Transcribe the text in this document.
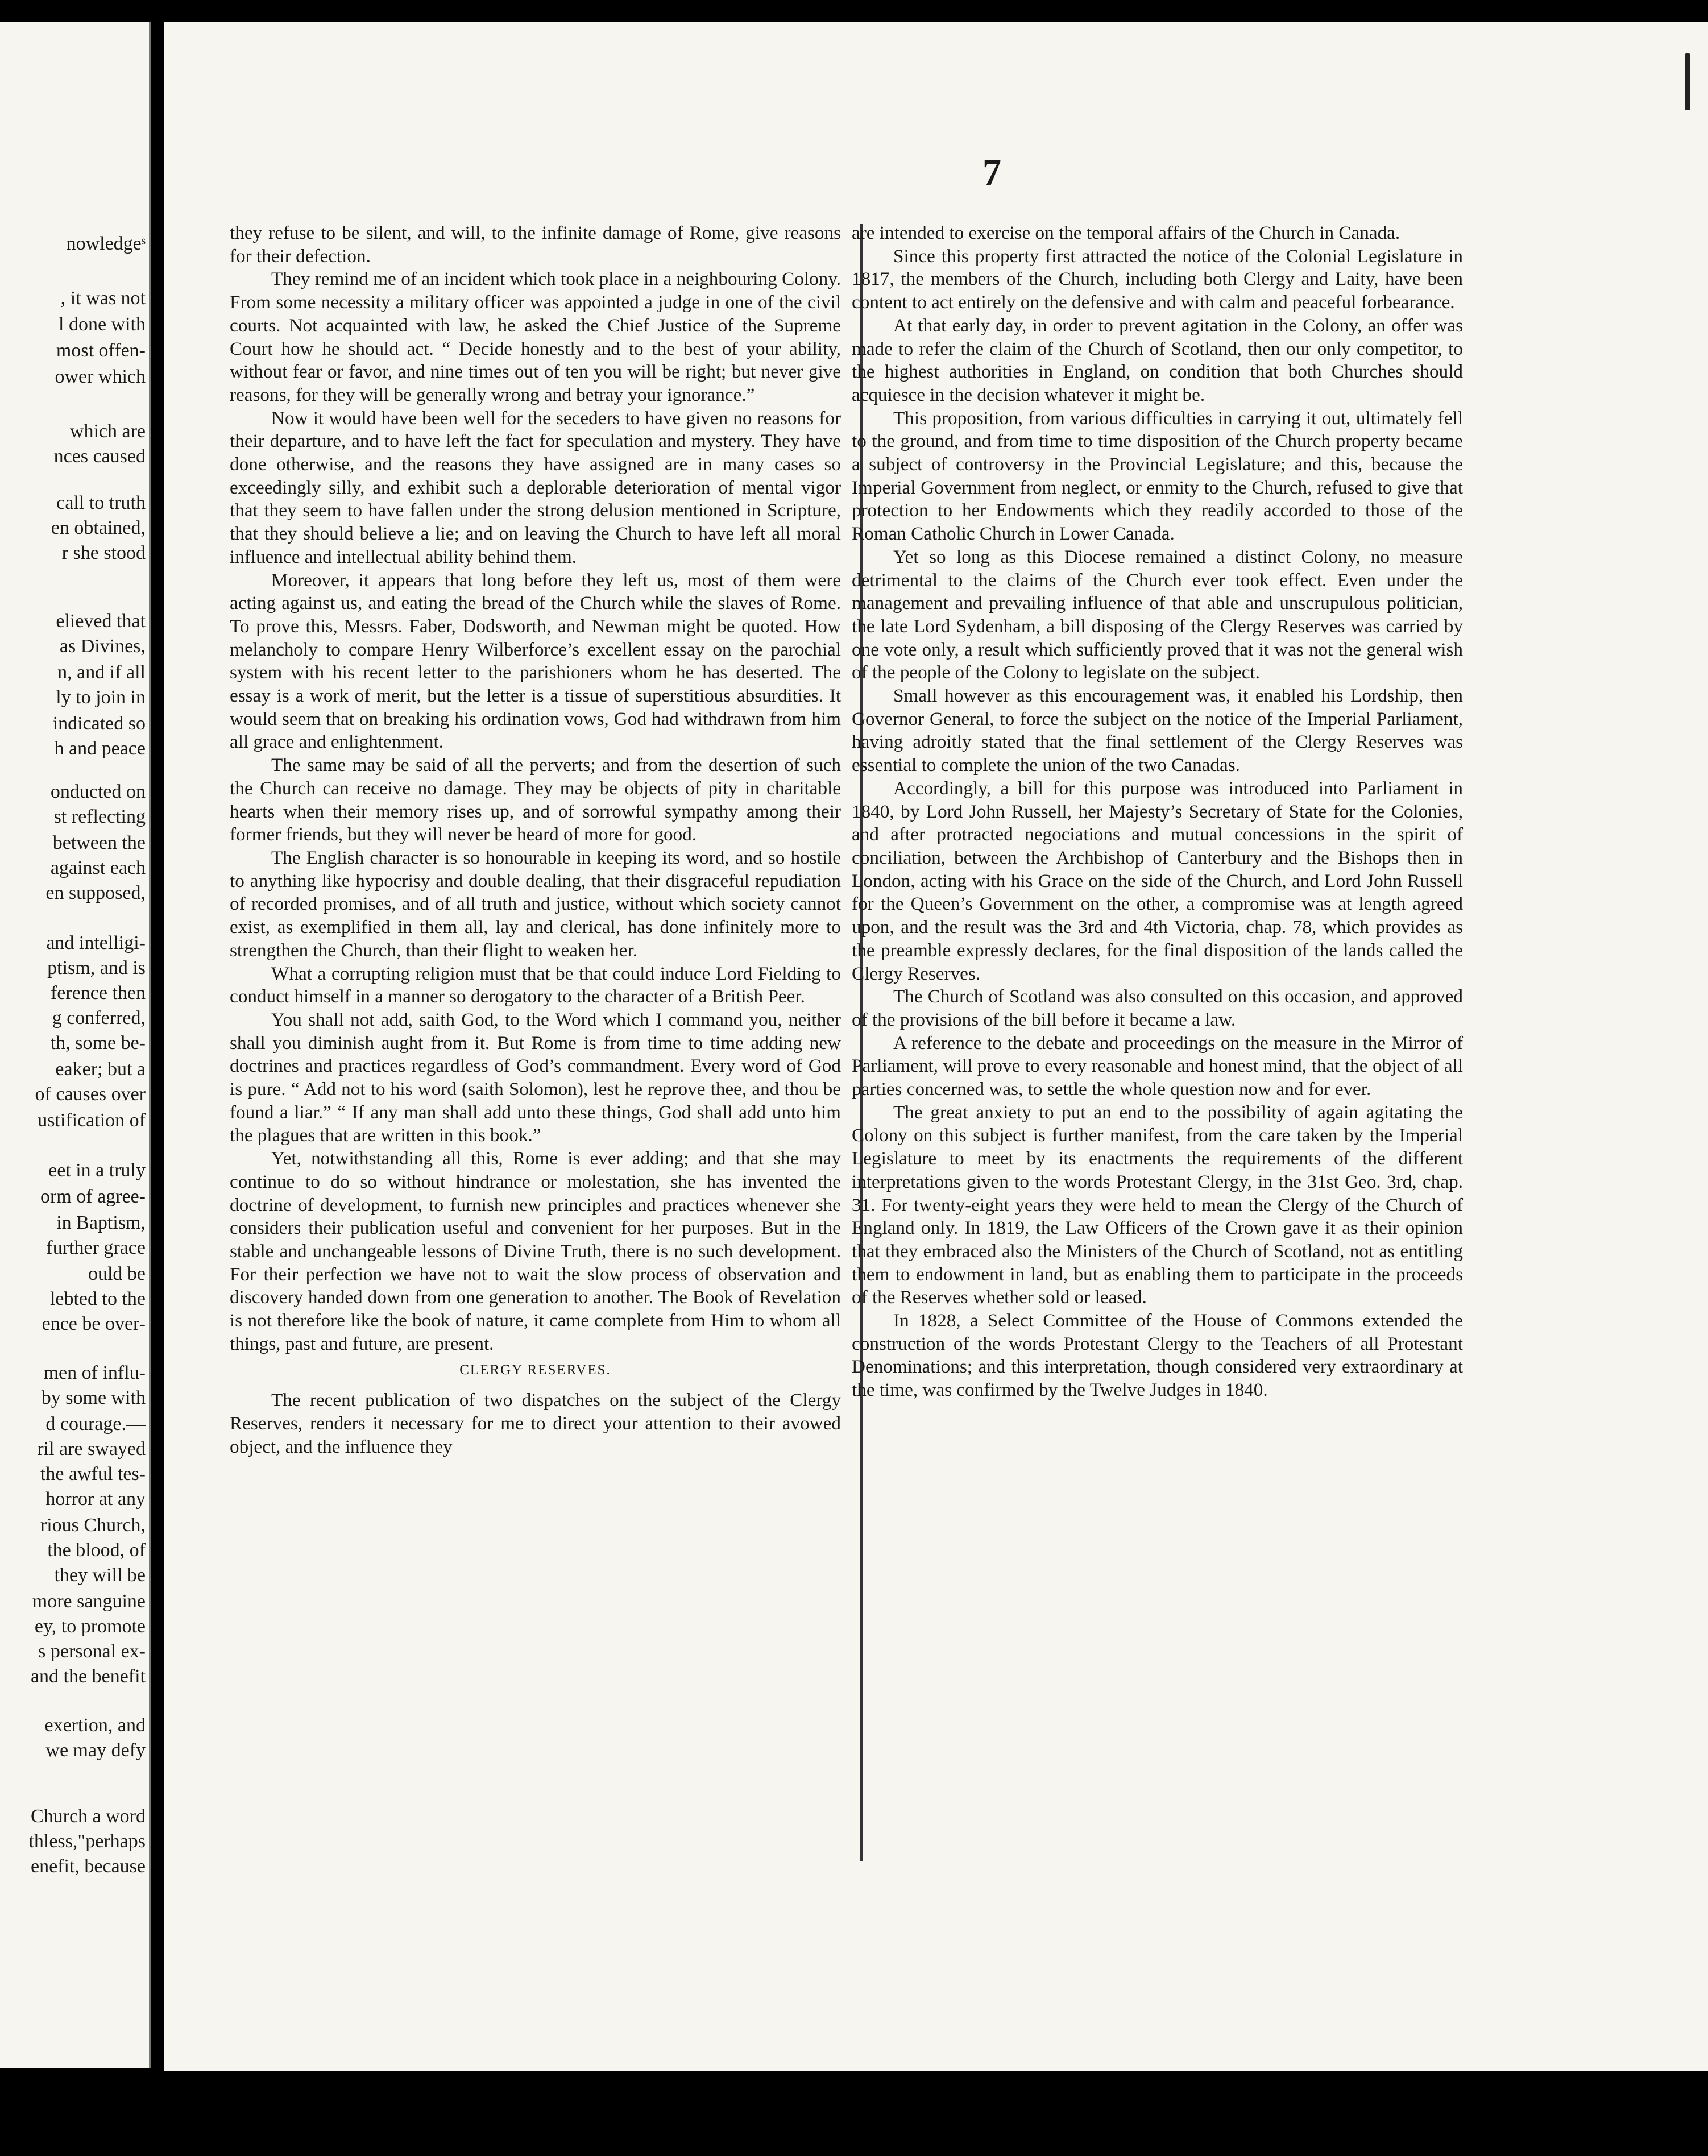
nowledgeˢ
, it was not
l done with
most offen-
ower which
which are
nces caused
call to truth
en obtained,
r she stood
elieved that
as Divines,
n, and if all
ly to join in
indicated so
h and peace
onducted on
st reflecting
between the
against each
en supposed,
and intelligi-
ptism, and is
ference then
g conferred,
th, some be-
eaker; but a
of causes over
ustification of
eet in a truly
orm of agree-
in Baptism,
further grace
ould be
lebted to the
ence be over-
men of influ-
by some with
d courage.—
ril are swayed
the awful tes-
horror at any
rious Church,
the blood, of
they will be
more sanguine
ey, to promote
s personal ex-
and the benefit
exertion, and
we may defy
Church a word
thless,"perhaps
enefit, because
7

they refuse to be silent, and will, to the infinite damage of Rome, give reasons for their defection.

They remind me of an incident which took place in a neighbouring Colony. From some necessity a military officer was appointed a judge in one of the civil courts. Not acquainted with law, he asked the Chief Justice of the Supreme Court how he should act. “ Decide honestly and to the best of your ability, without fear or favor, and nine times out of ten you will be right; but never give reasons, for they will be generally wrong and betray your ignorance.”

Now it would have been well for the seceders to have given no reasons for their departure, and to have left the fact for speculation and mystery. They have done otherwise, and the reasons they have assigned are in many cases so exceedingly silly, and exhibit such a deplorable deterioration of mental vigor that they seem to have fallen under the strong delusion mentioned in Scripture, that they should believe a lie; and on leaving the Church to have left all moral influence and intellectual ability behind them.

Moreover, it appears that long before they left us, most of them were acting against us, and eating the bread of the Church while the slaves of Rome. To prove this, Messrs. Faber, Dodsworth, and Newman might be quoted. How melancholy to compare Henry Wilberforce’s excellent essay on the parochial system with his recent letter to the parishioners whom he has deserted. The essay is a work of merit, but the letter is a tissue of superstitious absurdities. It would seem that on breaking his ordination vows, God had withdrawn from him all grace and enlightenment.

The same may be said of all the perverts; and from the desertion of such the Church can receive no damage. They may be objects of pity in charitable hearts when their memory rises up, and of sorrowful sympathy among their former friends, but they will never be heard of more for good.

The English character is so honourable in keeping its word, and so hostile to anything like hypocrisy and double dealing, that their disgraceful repudiation of recorded promises, and of all truth and justice, without which society cannot exist, as exemplified in them all, lay and clerical, has done infinitely more to strengthen the Church, than their flight to weaken her.

What a corrupting religion must that be that could induce Lord Fielding to conduct himself in a manner so derogatory to the character of a British Peer.

You shall not add, saith God, to the Word which I command you, neither shall you diminish aught from it. But Rome is from time to time adding new doctrines and practices regardless of God’s commandment. Every word of God is pure. “ Add not to his word (saith Solomon), lest he reprove thee, and thou be found a liar.” “ If any man shall add unto these things, God shall add unto him the plagues that are written in this book.”

Yet, notwithstanding all this, Rome is ever adding; and that she may continue to do so without hindrance or molestation, she has invented the doctrine of development, to furnish new principles and practices whenever she considers their publication useful and convenient for her purposes. But in the stable and unchangeable lessons of Divine Truth, there is no such development. For their perfection we have not to wait the slow process of observation and discovery handed down from one generation to another. The Book of Revelation is not therefore like the book of nature, it came complete from Him to whom all things, past and future, are present.

CLERGY RESERVES.

The recent publication of two dispatches on the subject of the Clergy Reserves, renders it necessary for me to direct your attention to their avowed object, and the influence they

are intended to exercise on the temporal affairs of the Church in Canada.

Since this property first attracted the notice of the Colonial Legislature in 1817, the members of the Church, including both Clergy and Laity, have been content to act entirely on the defensive and with calm and peaceful forbearance.

At that early day, in order to prevent agitation in the Colony, an offer was made to refer the claim of the Church of Scotland, then our only competitor, to the highest authorities in England, on condition that both Churches should acquiesce in the decision whatever it might be.

This proposition, from various difficulties in carrying it out, ultimately fell to the ground, and from time to time disposition of the Church property became a subject of controversy in the Provincial Legislature; and this, because the Imperial Government from neglect, or enmity to the Church, refused to give that protection to her Endowments which they readily accorded to those of the Roman Catholic Church in Lower Canada.

Yet so long as this Diocese remained a distinct Colony, no measure detrimental to the claims of the Church ever took effect. Even under the management and prevailing influence of that able and unscrupulous politician, the late Lord Sydenham, a bill disposing of the Clergy Reserves was carried by one vote only, a result which sufficiently proved that it was not the general wish of the people of the Colony to legislate on the subject.

Small however as this encouragement was, it enabled his Lordship, then Governor General, to force the subject on the notice of the Imperial Parliament, having adroitly stated that the final settlement of the Clergy Reserves was essential to complete the union of the two Canadas.

Accordingly, a bill for this purpose was introduced into Parliament in 1840, by Lord John Russell, her Majesty’s Secretary of State for the Colonies, and after protracted negociations and mutual concessions in the spirit of conciliation, between the Archbishop of Canterbury and the Bishops then in London, acting with his Grace on the side of the Church, and Lord John Russell for the Queen’s Government on the other, a compromise was at length agreed upon, and the result was the 3rd and 4th Victoria, chap. 78, which provides as the preamble expressly declares, for the final disposition of the lands called the Clergy Reserves.

The Church of Scotland was also consulted on this occasion, and approved of the provisions of the bill before it became a law.

A reference to the debate and proceedings on the measure in the Mirror of Parliament, will prove to every reasonable and honest mind, that the object of all parties concerned was, to settle the whole question now and for ever.

The great anxiety to put an end to the possibility of again agitating the Colony on this subject is further manifest, from the care taken by the Imperial Legislature to meet by its enactments the requirements of the different interpretations given to the words Protestant Clergy, in the 31st Geo. 3rd, chap. 31. For twenty-eight years they were held to mean the Clergy of the Church of England only. In 1819, the Law Officers of the Crown gave it as their opinion that they embraced also the Ministers of the Church of Scotland, not as entitling them to endowment in land, but as enabling them to participate in the proceeds of the Reserves whether sold or leased.

In 1828, a Select Committee of the House of Commons extended the construction of the words Protestant Clergy to the Teachers of all Protestant Denominations; and this interpretation, though considered very extraordinary at the time, was confirmed by the Twelve Judges in 1840.
